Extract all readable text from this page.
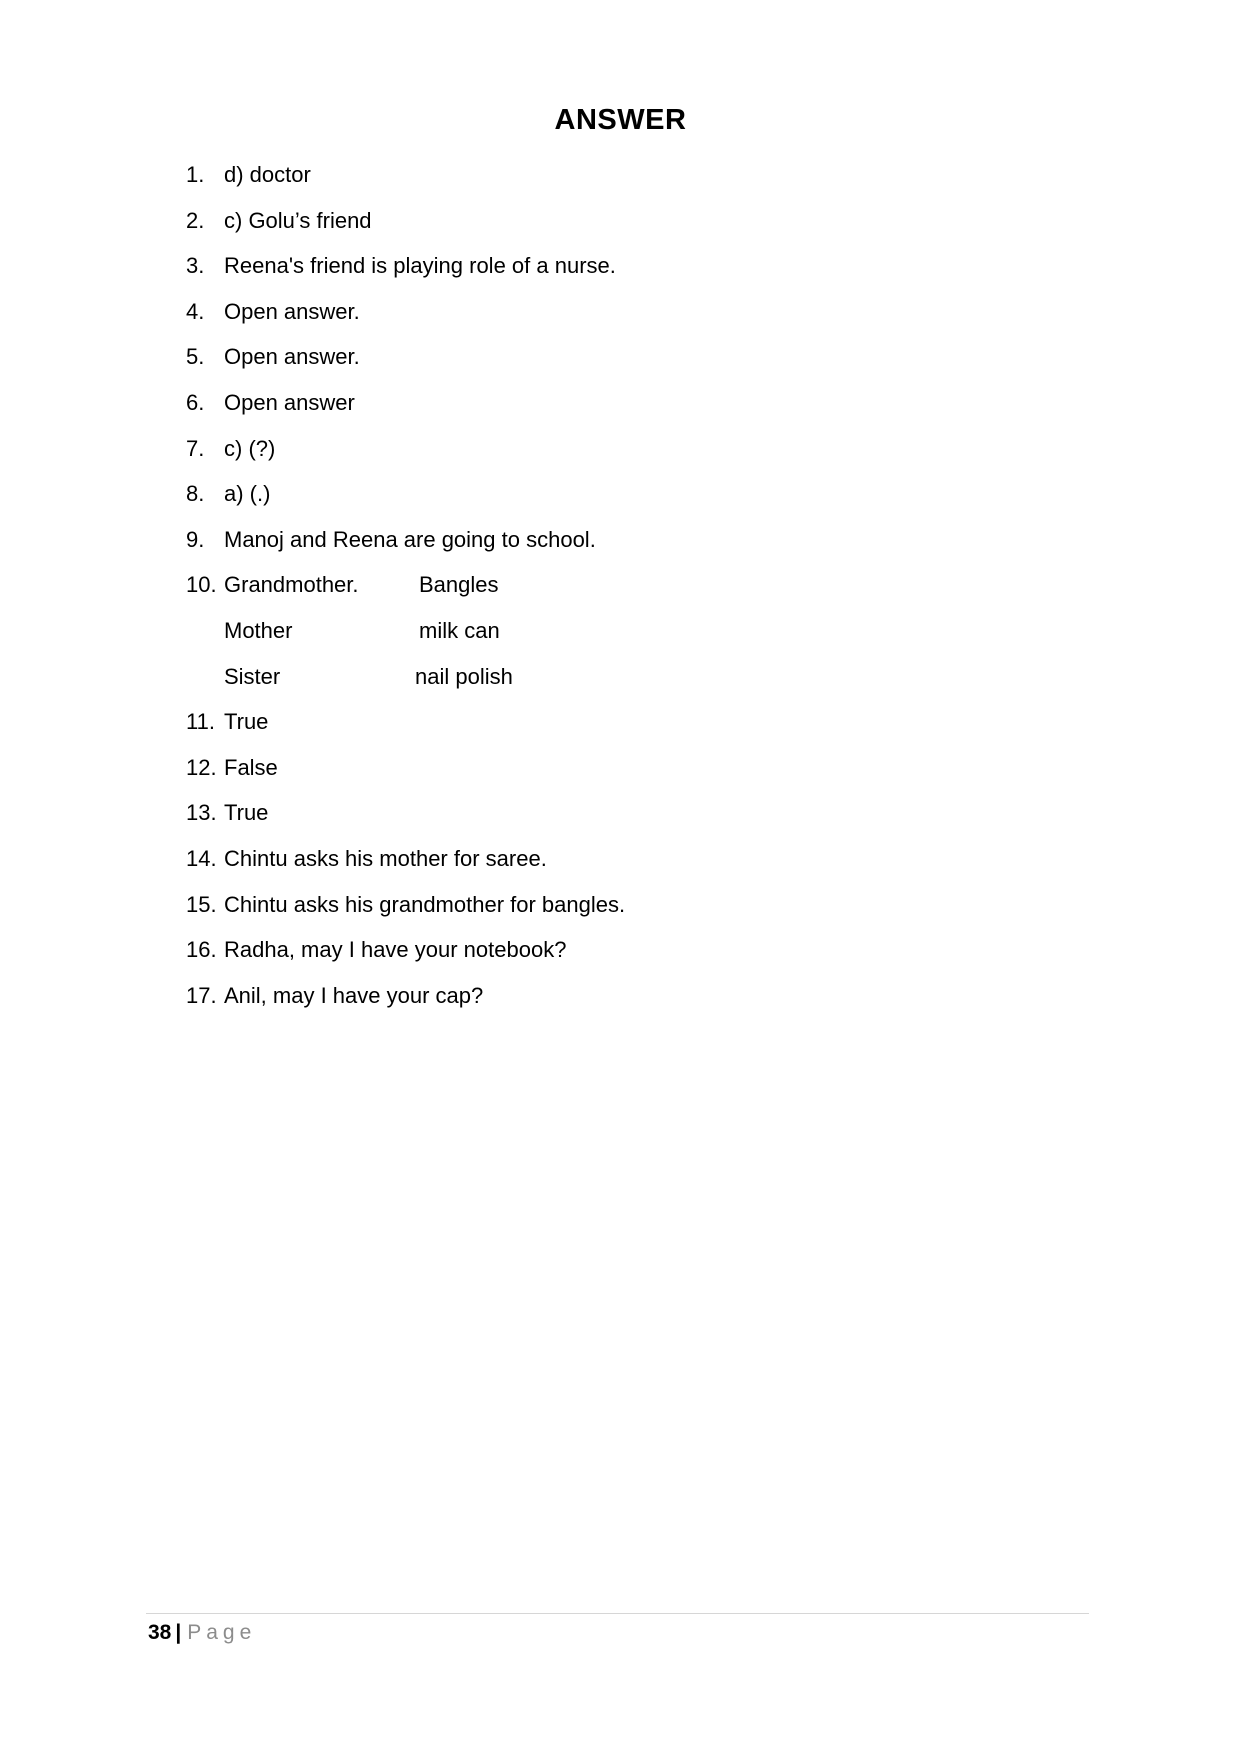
ANSWER
1. d) doctor
2. c) Golu’s friend
3. Reena's friend is playing role of a nurse.
4. Open answer.
5. Open answer.
6. Open answer
7. c) (?)
8. a) (.)
9. Manoj and Reena are going to school.
10. Grandmother.	Bangles
Mother	milk can
Sister	nail polish
11. True
12. False
13. True
14. Chintu asks his mother for saree.
15. Chintu asks his grandmother for bangles.
16. Radha, may I have your notebook?
17. Anil, may I have your cap?
38 | Page
